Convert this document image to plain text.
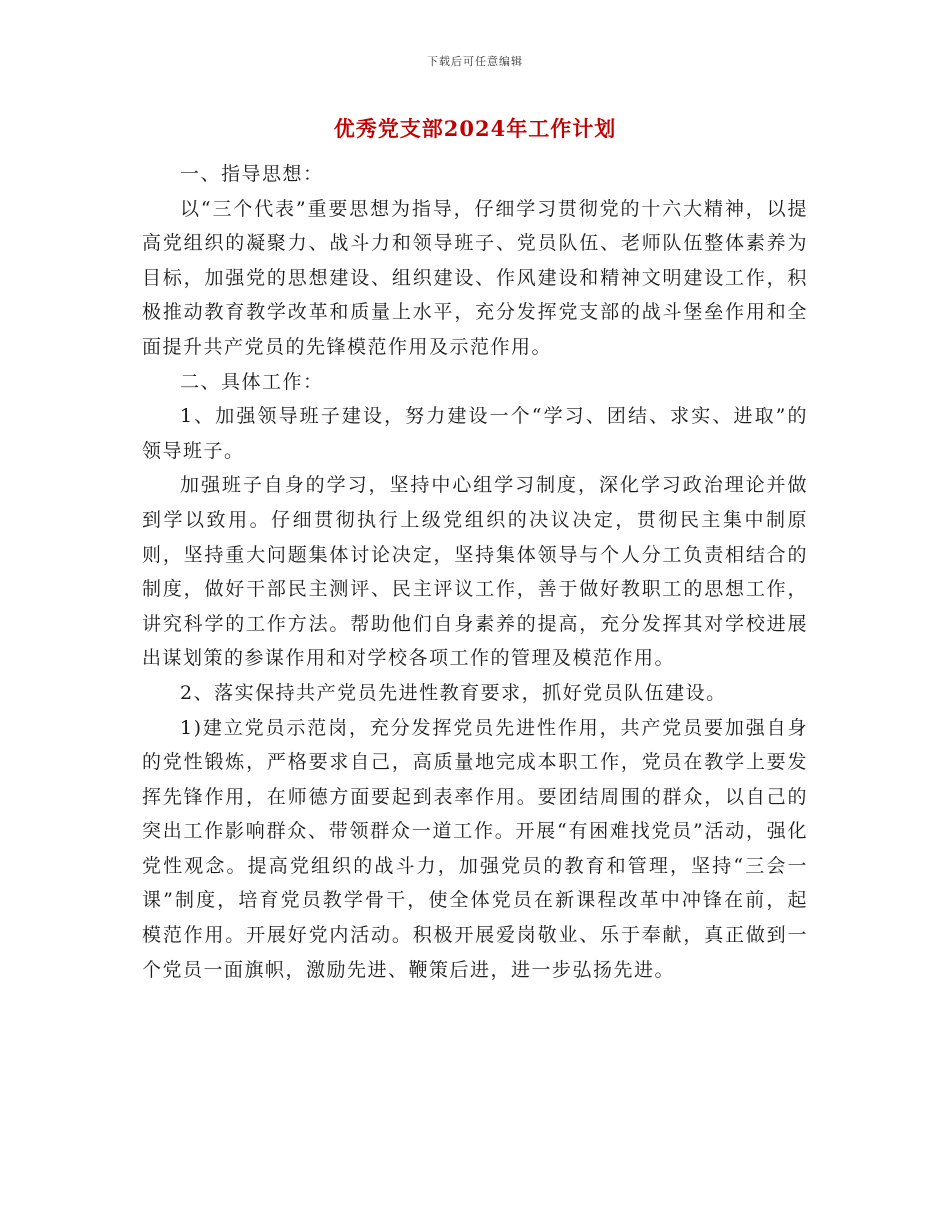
下载后可任意编辑
优秀党支部2024年工作计划

一、指导思想：

以“三个代表”重要思想为指导，仔细学习贯彻党的十六大精神，以提高党组织的凝聚力、战斗力和领导班子、党员队伍、老师队伍整体素养为目标，加强党的思想建设、组织建设、作风建设和精神文明建设工作，积极推动教育教学改革和质量上水平，充分发挥党支部的战斗堡垒作用和全面提升共产党员的先锋模范作用及示范作用。

二、具体工作：

1、加强领导班子建设，努力建设一个“学习、团结、求实、进取”的领导班子。

加强班子自身的学习，坚持中心组学习制度，深化学习政治理论并做到学以致用。仔细贯彻执行上级党组织的决议决定，贯彻民主集中制原则，坚持重大问题集体讨论决定，坚持集体领导与个人分工负责相结合的制度，做好干部民主测评、民主评议工作，善于做好教职工的思想工作，讲究科学的工作方法。帮助他们自身素养的提高，充分发挥其对学校进展出谋划策的参谋作用和对学校各项工作的管理及模范作用。

2、落实保持共产党员先进性教育要求，抓好党员队伍建设。

1)建立党员示范岗，充分发挥党员先进性作用，共产党员要加强自身的党性锻炼，严格要求自己，高质量地完成本职工作，党员在教学上要发挥先锋作用，在师德方面要起到表率作用。要团结周围的群众，以自己的突出工作影响群众、带领群众一道工作。开展“有困难找党员”活动，强化党性观念。提高党组织的战斗力，加强党员的教育和管理，坚持“三会一课”制度，培育党员教学骨干，使全体党员在新课程改革中冲锋在前，起模范作用。开展好党内活动。积极开展爱岗敬业、乐于奉献，真正做到一个党员一面旗帜，激励先进、鞭策后进，进一步弘扬先进。
